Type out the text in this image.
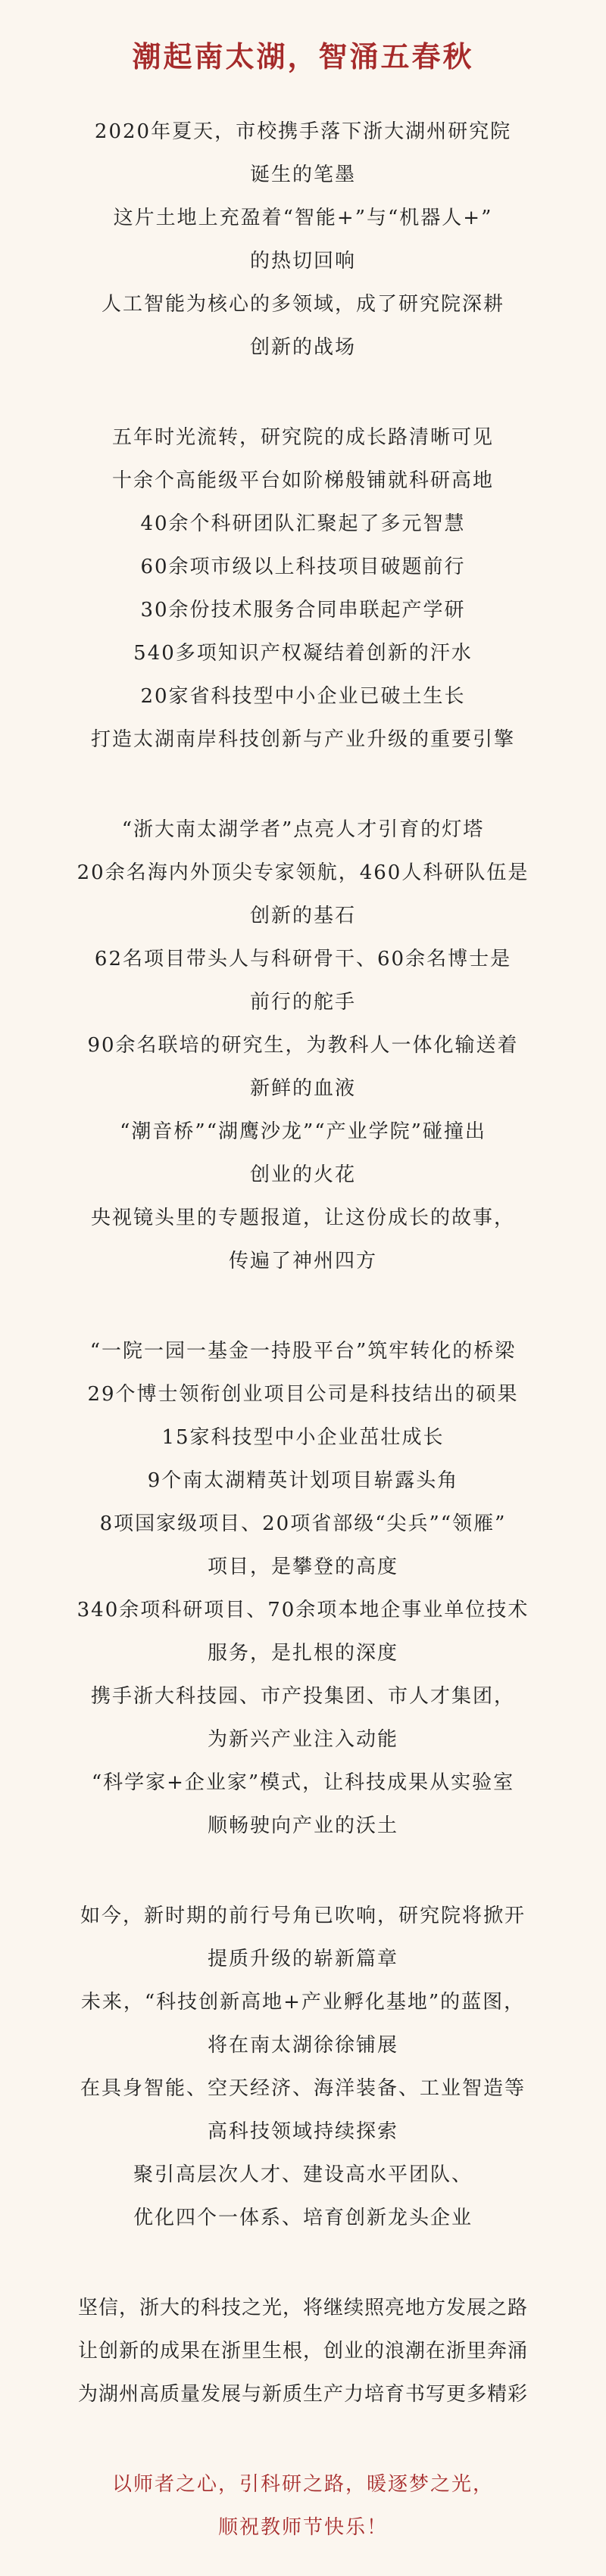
潮起南太湖，智涌五春秋
2020年夏天，市校携手落下浙大湖州研究院
诞生的笔墨
这片土地上充盈着“智能+”与“机器人+”
的热切回响
人工智能为核心的多领域，成了研究院深耕
创新的战场
五年时光流转，研究院的成长路清晰可见
十余个高能级平台如阶梯般铺就科研高地
40余个科研团队汇聚起了多元智慧
60余项市级以上科技项目破题前行
30余份技术服务合同串联起产学研
540多项知识产权凝结着创新的汗水
20家省科技型中小企业已破土生长
打造太湖南岸科技创新与产业升级的重要引擎
“浙大南太湖学者”点亮人才引育的灯塔
20余名海内外顶尖专家领航，460人科研队伍是
创新的基石
62名项目带头人与科研骨干、60余名博士是
前行的舵手
90余名联培的研究生，为教科人一体化输送着
新鲜的血液
“潮音桥”“湖鹰沙龙”“产业学院”碰撞出
创业的火花
央视镜头里的专题报道，让这份成长的故事，
传遍了神州四方
“一院一园一基金一持股平台”筑牢转化的桥梁
29个博士领衔创业项目公司是科技结出的硕果
15家科技型中小企业茁壮成长
9个南太湖精英计划项目崭露头角
8项国家级项目、20项省部级“尖兵”“领雁”
项目，是攀登的高度
340余项科研项目、70余项本地企事业单位技术
服务，是扎根的深度
携手浙大科技园、市产投集团、市人才集团，
为新兴产业注入动能
“科学家+企业家”模式，让科技成果从实验室
顺畅驶向产业的沃土
如今，新时期的前行号角已吹响，研究院将掀开
提质升级的崭新篇章
未来，“科技创新高地+产业孵化基地”的蓝图，
将在南太湖徐徐铺展
在具身智能、空天经济、海洋装备、工业智造等
高科技领域持续探索
聚引高层次人才、建设高水平团队、
优化四个一体系、培育创新龙头企业
坚信，浙大的科技之光，将继续照亮地方发展之路
让创新的成果在浙里生根，创业的浪潮在浙里奔涌
为湖州高质量发展与新质生产力培育书写更多精彩
以师者之心，引科研之路，暖逐梦之光，
顺祝教师节快乐！
